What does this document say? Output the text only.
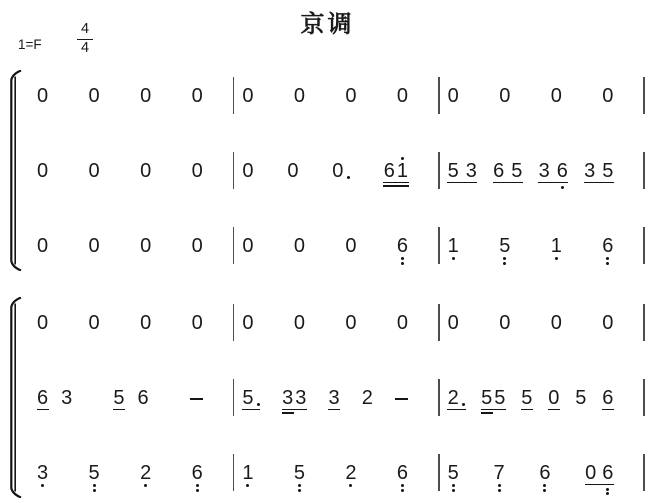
京调
1=F
4
4
0 0 0 0 0 0 0 0 0 0 0 0
0 0 0 0 0 0 0 6 1 5 3 6 5 3 6 3 5
0 0 0 0 0 0 0 6 1 5 1 6
0 0 0 0 0 0 0 0 0 0 0 0
6 3 5 6	5 3 3 3 2	2 5 5 5 0 5 6
3 5 2 6 1 5 2 6 5 7 6 0 6
